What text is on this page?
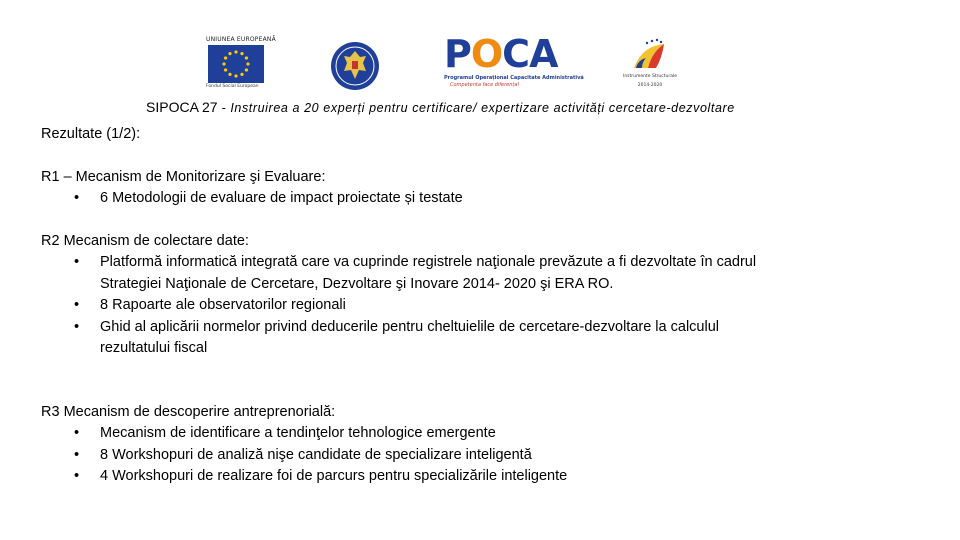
UNIUNEA EUROPEANĂ
Fondul Social European
POCA
Programul Operațional Capacitate Administrativă
Competența face diferența!
Instrumente Structurale
2014-2020
SIPOCA 27 - Instruirea a 20 experți pentru certificare/ expertizare activități cercetare-dezvoltare

Rezultate (1/2):

R1 – Mecanism de Monitorizare şi Evaluare:

• 6 Metodologii de evaluare de impact proiectate și testate

R2 Mecanism de colectare date:

• Platformă informatică integrată care va cuprinde registrele naţionale prevăzute a fi dezvoltate în cadrul
Strategiei Naţionale de Cercetare, Dezvoltare şi Inovare 2014- 2020 şi ERA RO.
• 8 Rapoarte ale observatorilor regionali
• Ghid al aplicării normelor privind deducerile pentru cheltuielile de cercetare-dezvoltare la calculul
rezultatului fiscal

R3 Mecanism de descoperire antreprenorială:

• Mecanism de identificare a tendinţelor tehnologice emergente
• 8 Workshopuri de analiză nişe candidate de specializare inteligentă
• 4 Workshopuri de realizare foi de parcurs pentru specializările inteligente
